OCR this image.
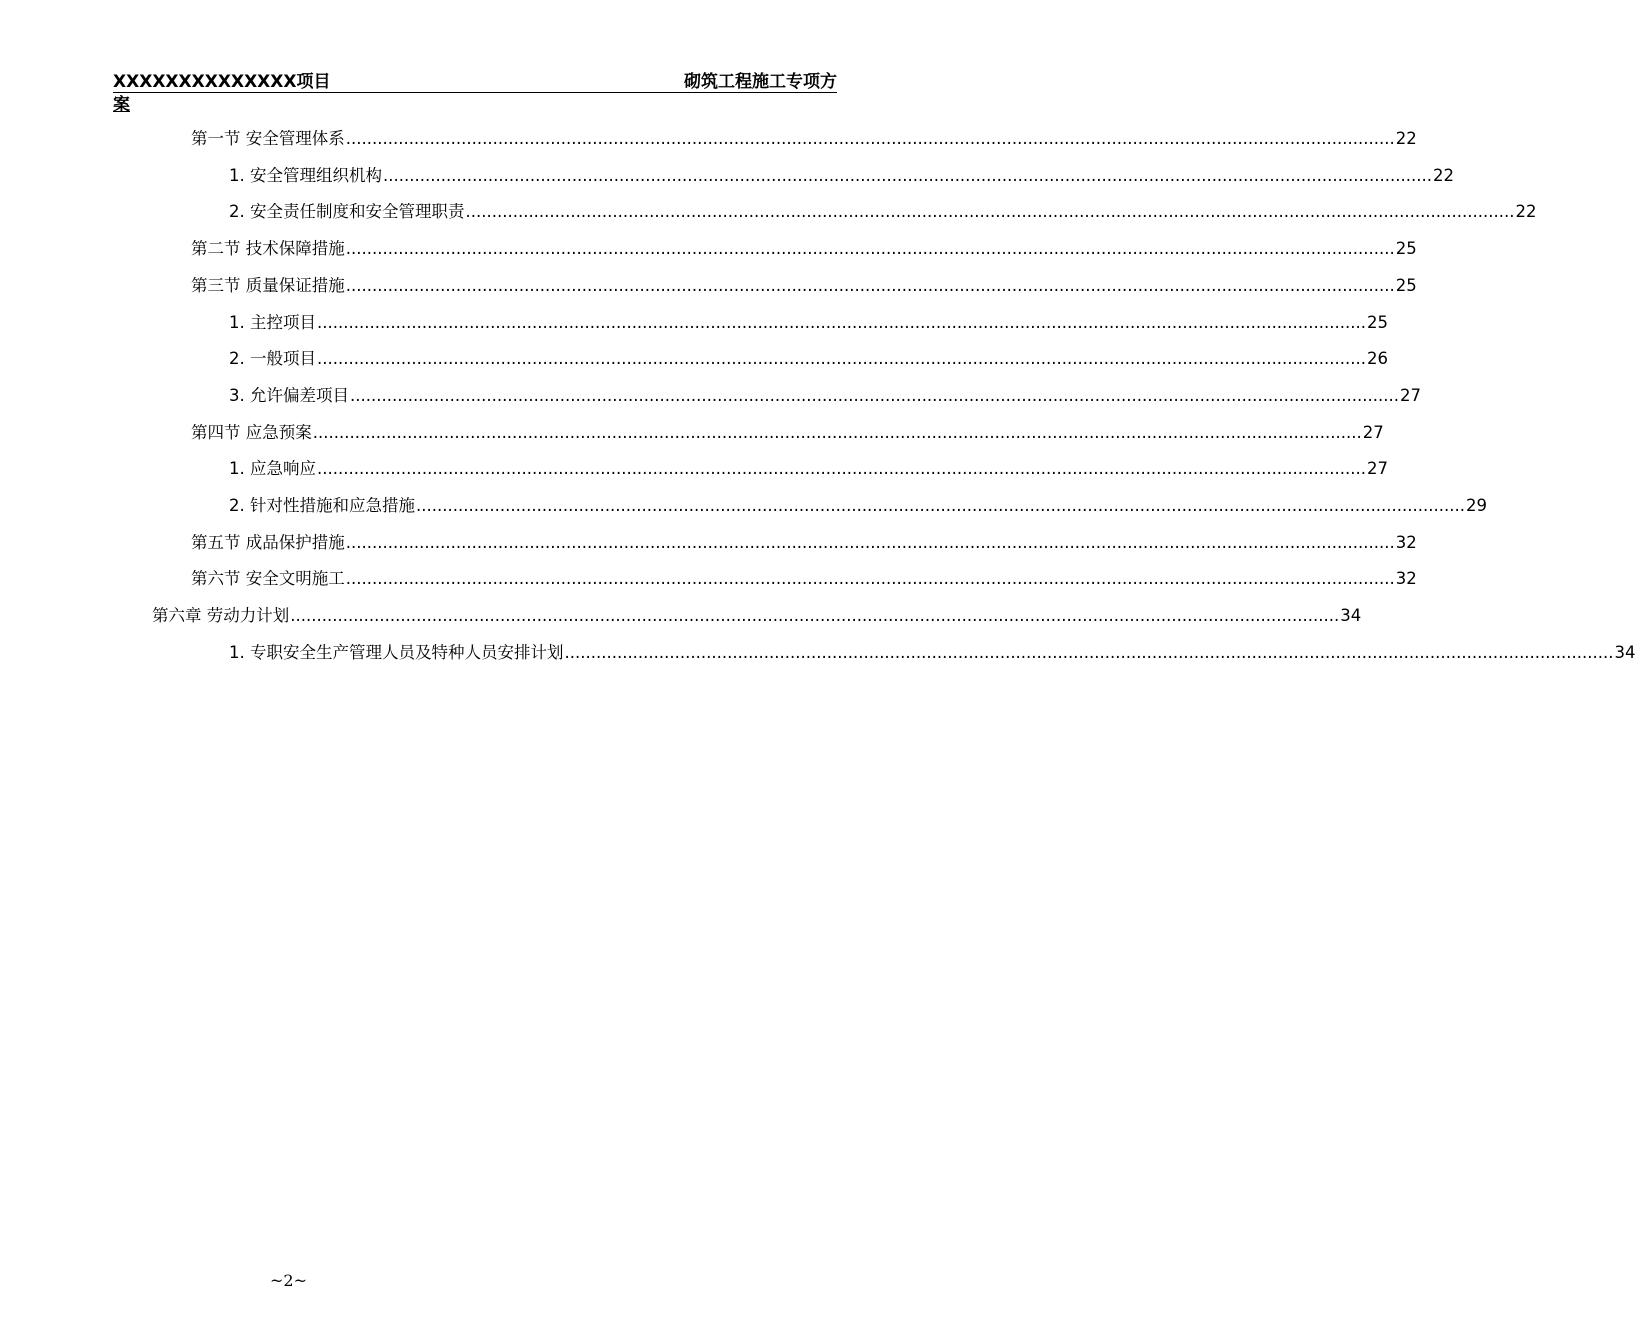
XXXXXXXXXXXXXX项目	砌筑工程施工专项方
案
第一节 安全管理体系 ........................................................................................................................................................................................................ 22
1. 安全管理组织机构 ........................................................................................................................................................................................................ 22
2. 安全责任制度和安全管理职责 ........................................................................................................................................................................................................ 22
第二节 技术保障措施 ........................................................................................................................................................................................................ 25
第三节 质量保证措施 ........................................................................................................................................................................................................ 25
1. 主控项目 ........................................................................................................................................................................................................ 25
2. 一般项目 ........................................................................................................................................................................................................ 26
3. 允许偏差项目 ........................................................................................................................................................................................................ 27
第四节 应急预案 ........................................................................................................................................................................................................ 27
1. 应急响应 ........................................................................................................................................................................................................ 27
2. 针对性措施和应急措施 ........................................................................................................................................................................................................ 29
第五节 成品保护措施 ........................................................................................................................................................................................................ 32
第六节 安全文明施工 ........................................................................................................................................................................................................ 32
第六章 劳动力计划 ........................................................................................................................................................................................................ 34
1. 专职安全生产管理人员及特种人员安排计划 ........................................................................................................................................................................................................ 34
~2~
